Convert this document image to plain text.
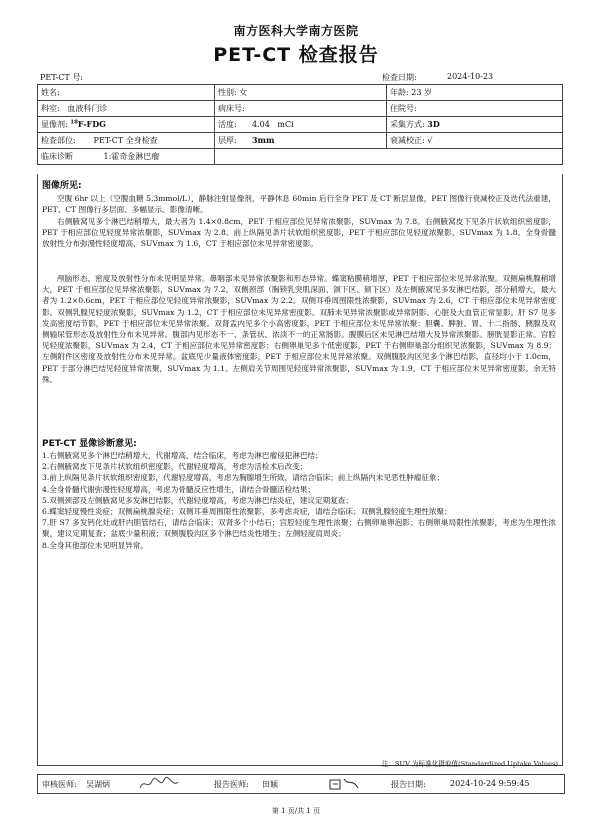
南方医科大学南方医院
PET-CT 检查报告
PET-CT 号:	检查日期:	2024-10-23
姓名:	性别: 女	年龄: 23 岁
科室: 血液科门诊	病床号:	住院号:
显像剂: $^{18}$F-FDG	活度: 4.04 mCi	采集方式: 3D
检查部位: PET-CT 全身检查	层厚: 3mm	衰减校正: √
临床诊断 1:霍奇金淋巴瘤		
图像所见:
空腹 6hr 以上（空腹血糖 5.3mmol/L），静脉注射显像剂，平静休息 60min 后行全身 PET 及 CT 断层显像，PET 图像行衰减校正及迭代法重建，PET、CT 图像行多层面、多幅显示。影像清晰。
右侧腋窝见多个淋巴结稍增大，最大者为 1.4×0.8cm，PET 于相应部位见异常浓聚影，SUVmax 为 7.8。右侧腋窝皮下见条片状软组织密度影，PET 于相应部位见轻度异常浓聚影，SUVmax 为 2.8。前上纵隔见条片状软组织密度影，PET 于相应部位见轻度浓聚影，SUVmax 为 1.8。全身骨髓放射性分布弥漫性轻度增高，SUVmax 为 1.6，CT 于相应部位未见异常密度影。
颅脑形态、密度及放射性分布未见明显异常。鼻咽部未见异常浓聚影和形态异常。蝶窦粘膜稍增厚，PET 于相应部位未见异常浓聚。双侧扁桃腺稍增大，PET 于相应部位见异常浓聚影，SUVmax 为 7.2。双侧颈部（胸锁乳突肌深面、颌下区、颏下区）及左侧腋窝见多发淋巴结影，部分稍增大，最大者为 1.2×0.6cm，PET 于相应部位见轻度异常浓聚影，SUVmax 为 2.2。双侧耳垂周围限性浓聚影，SUVmax 为 2.6，CT 于相应部位未见异常密度影。双侧乳腺见轻度浓聚影，SUVmax 为 1.2，CT 于相应部位未见异常密度影。双肺未见异常浓聚影或异常阴影。心脏及大血管正常显影。肝 S7 见多发高密度结节影，PET 于相应部位未见异常浓聚。双肾盂内见多个小高密度影，PET 于相应部位未见异常浓聚：胆囊、脾脏、胃、十二指肠、胰腺及双侧输尿管形态及放射性分布未见异常。腹部内见形态不一、条管状、浓淡不一的正常肠影。腹膜后区未见淋巴结增大及异常浓聚影。膀胱显影正常。宫腔见轻度浓聚影，SUVmax 为 2.4，CT 于相应部位未见异常密度影；右侧卵巢见多个低密度影，PET 于右侧卵巢部分组织见浓聚影，SUVmax 为 8.9；左侧附件区密度及放射性分布未见异常。盆底见少量液体密度影，PET 于相应部位未见异常浓聚。双侧腹股沟区见多个淋巴结影，直径均小于 1.0cm，PET 于部分淋巴结见轻度异常浓聚，SUVmax 为 1.1。左侧肩关节周围见轻度异常浓聚影，SUVmax 为 1.9，CT 于相应部位未见异常密度影。余无特殊。
PET-CT 显像诊断意见:
1.右侧腋窝见多个淋巴结稍增大，代谢增高，结合临床，考虑为淋巴瘤侵犯淋巴结；
2.右侧腋窝皮下见条片状软组织密度影，代谢轻度增高，考虑为活检术后改变；
3.前上纵隔见条片状软组织密度影，代谢轻度增高，考虑为胸腺增生所致，请结合临床；前上纵隔内未见恶性肿瘤征象；
4.全身骨髓代谢弥漫性轻度增高，考虑为骨髓反应性增生，请结合骨髓活检结果；
5.双侧颈部及左侧腋窝见多发淋巴结影，代谢轻度增高，考虑为淋巴结炎症，建议定期复查；
6.蝶窦轻度慢性炎症；双侧扁桃腺炎症；双侧耳垂周围限性浓聚影，多考虑炎症，请结合临床；双侧乳腺轻度生理性浓聚；
7.肝 S7 多发钙化灶或肝内胆管结石，请结合临床；双肾多个小结石；宫腔轻度生理性浓聚；右侧卵巢卵泡影；右侧卵巢局限性浓聚影，考虑为生理性浓聚，建议定期复查；盆底少量积液；双侧腹股沟区多个淋巴结炎性增生；左侧轻度肩周炎；
8.全身其他部位未见明显异常。
注：SUV 为标准化摄取值(Standardized Uptake Values)
审核医师: 吴湖炳	报告医师: 田颖	报告日期:	2024-10-24 9:59:45
第 1 页/共 1 页
